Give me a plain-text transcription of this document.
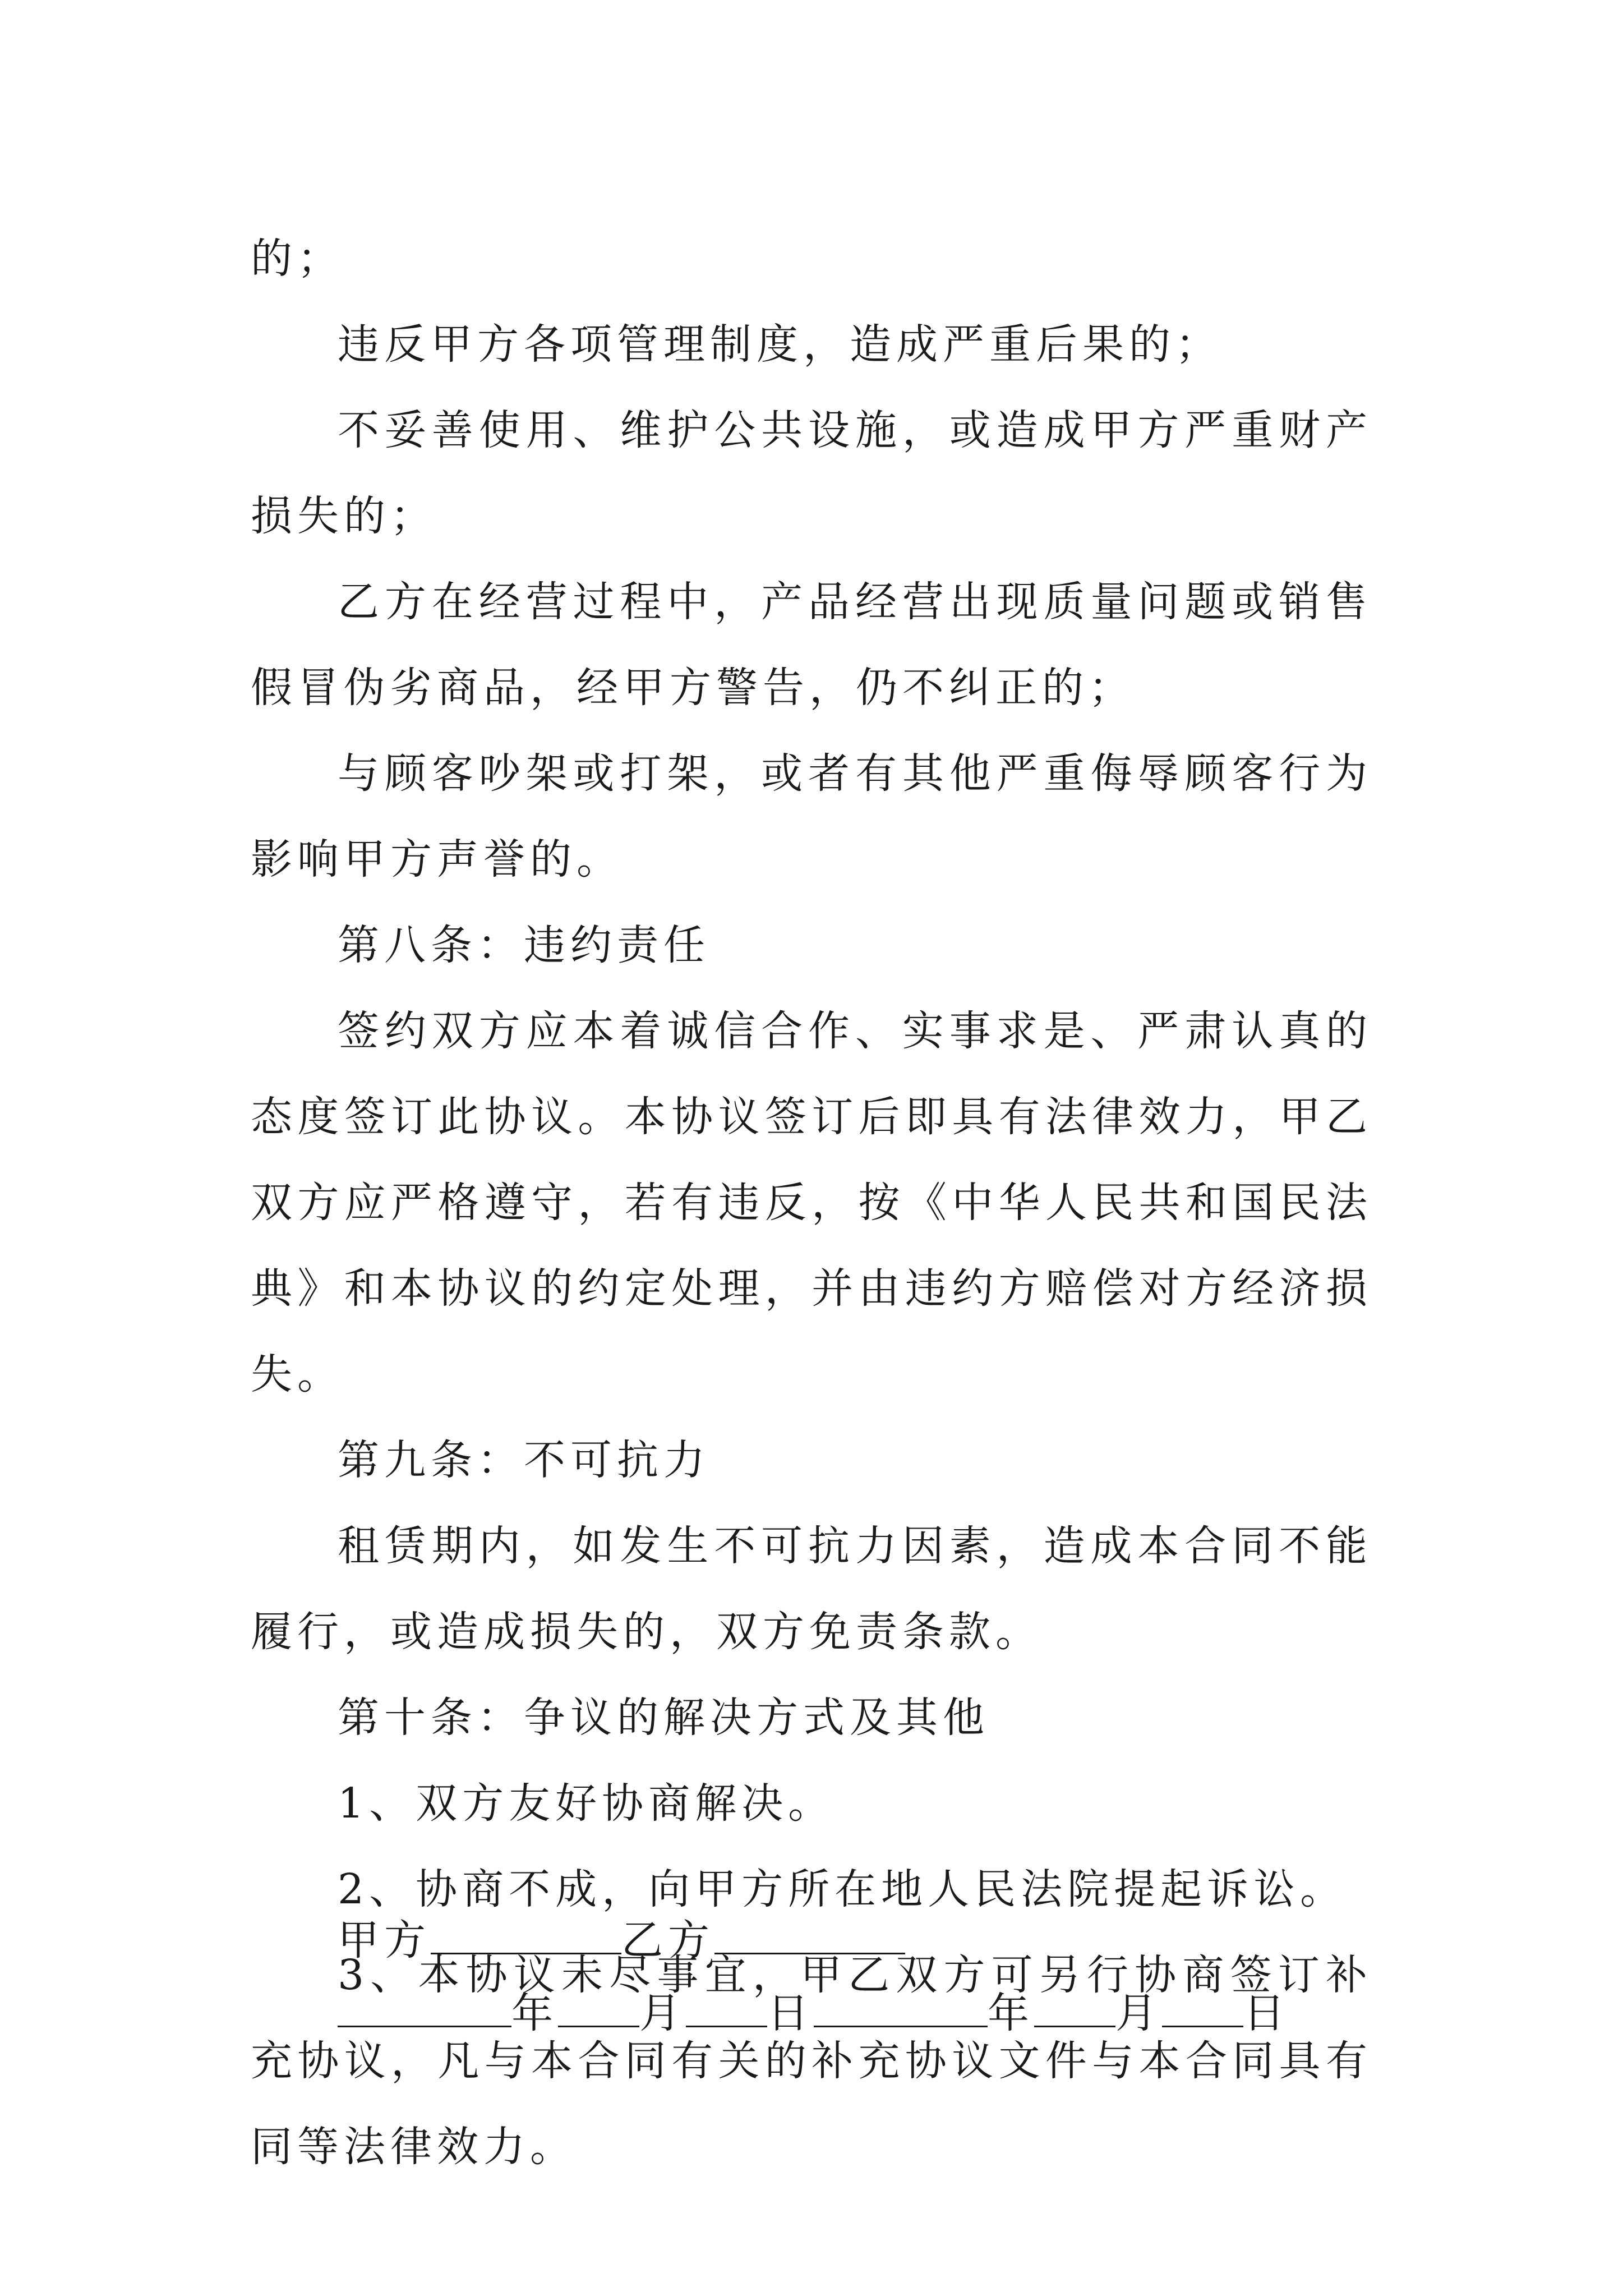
的；

违反甲方各项管理制度，造成严重后果的；

不妥善使用、维护公共设施，或造成甲方严重财产损失的；

乙方在经营过程中，产品经营出现质量问题或销售假冒伪劣商品，经甲方警告，仍不纠正的；

与顾客吵架或打架，或者有其他严重侮辱顾客行为影响甲方声誉的。

第八条：违约责任

签约双方应本着诚信合作、实事求是、严肃认真的态度签订此协议。本协议签订后即具有法律效力，甲乙双方应严格遵守，若有违反，按《中华人民共和国民法典》和本协议的约定处理，并由违约方赔偿对方经济损失。

第九条：不可抗力

租赁期内，如发生不可抗力因素，造成本合同不能履行，或造成损失的，双方免责条款。

第十条：争议的解决方式及其他

1、双方友好协商解决。

2、协商不成，向甲方所在地人民法院提起诉讼。

3、本协议未尽事宜，甲乙双方可另行协商签订补充协议，凡与本合同有关的补充协议文件与本合同具有同等法律效力。

甲方	乙方
年 月 日	年 月 日
